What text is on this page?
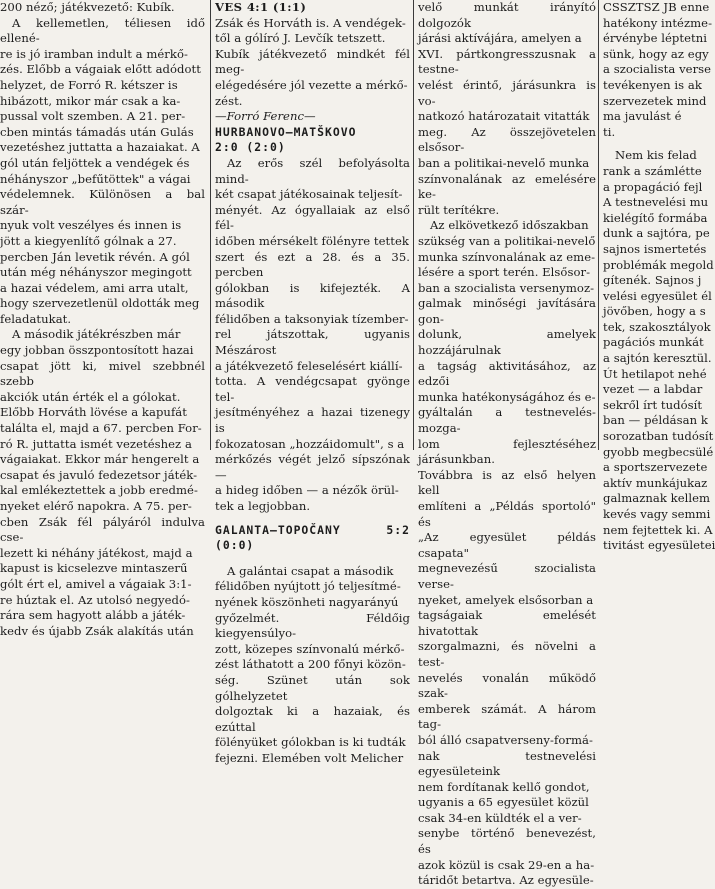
200 néző; játékvezető: Kubík.

A kellemetlen, téliesen idő ellené-

re is jó iramban indult a mérkő-

zés. Előbb a vágaiak előtt adódott

helyzet, de Forró R. kétszer is

hibázott, mikor már csak a ka-

pussal volt szemben. A 21. per-

cben mintás támadás után Gulás

vezetéshez juttatta a hazaiakat. A

gól után feljöttek a vendégek és

néhányszor „befűtöttek" a vágai

védelemnek. Különösen a bal szár-

nyuk volt veszélyes és innen is

jött a kiegyenlítő gólnak a 27.

percben Ján levetik révén. A gól

után még néhányszor megingott

a hazai védelem, ami arra utalt,

hogy szervezetlenül oldották meg

feladatukat.

A második játékrészben már

egy jobban összpontosított hazai

csapat jött ki, mivel szebbnél szebb

akciók után érték el a gólokat.

Előbb Horváth lövése a kapufát

találta el, majd a 67. percben For-

ró R. juttatta ismét vezetéshez a

vágaiakat. Ekkor már hengerelt a

csapat és javuló fedezetsor játék-

kal emlékeztettek a jobb eredmé-

nyeket elérő napokra. A 75. per-

cben Zsák fél pályáról indulva cse-

lezett ki néhány játékost, majd a

kapust is kicselezve mintaszerű

gólt ért el, amivel a vágaiak 3:1-

re húztak el. Az utolsó negyedó-

rára sem hagyott alább a játék-

kedv és újabb Zsák alakítás után

VES 4:1 (1:1)

Zsák és Horváth is. A vendégek-

től a gólíró J. Levčík tetszett.

Kubík játékvezető mindkét fél meg-

elégedésére jól vezette a mérkő-

zést.

—Forró Ferenc—

HURBANOVO—MATŠKOVO

2:0 (2:0)

Az erős szél befolyásolta mind-

két csapat játékosainak teljesít-

ményét. Az ógyallaiak az első fél-

időben mérsékelt fölényre tettek

szert és ezt a 28. és a 35. percben

gólokban is kifejezték. A második

félidőben a taksonyiak tízember-

rel játszottak, ugyanis Mészárost

a játékvezető feleselésért kiállí-

totta. A vendégcsapat gyönge tel-

jesítményéhez a hazai tizenegy is

fokozatosan „hozzáidomult", s a

mérkőzés végét jelző sípszónak —

a hideg időben — a nézők örül-

tek a legjobban.

GALANTA—TOPOČANY 5:2 (0:0)

A galántai csapat a második

félidőben nyújtott jó teljesítmé-

nyének köszönheti nagyarányú

győzelmét. Féldőig kiegyensúlyo-

zott, közepes színvonalú mérkő-

zést láthatott a 200 főnyi közön-

ség. Szünet után sok gólhelyzetet

dolgoztak ki a hazaiak, és ezúttal

fölényüket gólokban is ki tudták

fejezni. Elemében volt Melicher

velő munkát irányító dolgozók

járási aktívájára, amelyen a

XVI. pártkongresszusnak a testne-

velést érintő, járásunkra is vo-

natkozó határozatait vitatták

meg. Az összejövetelen elsősor-

ban a politikai-nevelő munka

színvonalának az emelésére ke-

rült terítékre.

Az elkövetkező időszakban

szükség van a politikai-nevelő

munka színvonalának az eme-

lésére a sport terén. Elsősor-

ban a szocialista versenymoz-

galmak minőségi javítására gon-

dolunk, amelyek hozzájárulnak

a tagság aktivitásához, az edzői

munka hatékonyságához és e-

gyáltalán a testnevelés-mozga-

lom fejlesztéséhez járásunkban.

Továbbra is az első helyen kell

említeni a „Példás sportoló" és

„Az egyesület példás csapata"

megnevezésű szocialista verse-

nyeket, amelyek elsősorban a

tagságaiak emelését hivatottak

szorgalmazni, és növelni a test-

nevelés vonalán működő szak-

emberek számát. A három tag-

ból álló csapatverseny-formá-

nak testnevelési egyesületeink

nem fordítanak kellő gondot,

ugyanis a 65 egyesület közül

csak 34-en küldték el a ver-

senybe történő benevezést, és

azok közül is csak 29-en a ha-

táridőt betartva. Az egyesüle-

CSSZTSZ JB enne

hatékony intézme-

érvénybe léptetni

sünk, hogy az egy

a szocialista verse

tevékenyen is ak

szervezetek mind

ma javulást é

ti.

Nem kis felad

rank a számlétte

a propagáció fejl

A testnevelési mu

kielégítő formába

dunk a sajtóra, pe

sajnos ismertetés

problémák megold

gítenék. Sajnos j

velési egyesület él

jövőben, hogy a s

tek, szakosztályok

pagációs munkát

a sajtón keresztül.

Út hetilapot nehé

vezet — a labdar

sekről írt tudósít

ban — példásan k

sorozatban tudósít

gyobb megbecsülé

a sportszervezete

aktív munkájukaz

galmaznak kellem

kevés vagy semmi

nem fejtettek ki. A

tivitást egyesületei
